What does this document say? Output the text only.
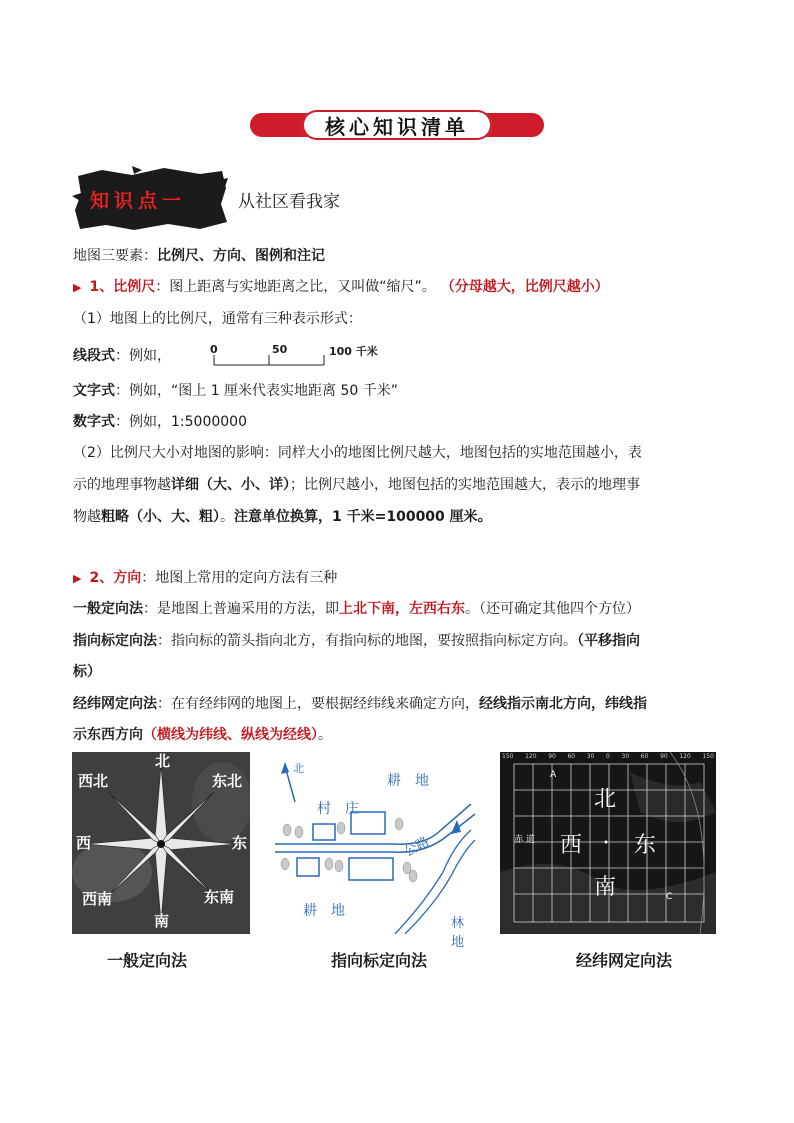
核心知识清单
知识点一	从社区看我家
地图三要素：比例尺、方向、图例和注记
▶ 1、比例尺：图上距离与实地距离之比，又叫做“缩尺”。 （分母越大，比例尺越小）
（1）地图上的比例尺，通常有三种表示形式：
线段式：例如，	0	50	100 千米
文字式：例如，“图上 1 厘米代表实地距离 50 千米”
数字式：例如，1:5000000
（2）比例尺大小对地图的影响：同样大小的地图比例尺越大，地图包括的实地范围越小，表
示的地理事物越详细（大、小、详）；比例尺越小，地图包括的实地范围越大，表示的地理事
物越粗略（小、大、粗）。注意单位换算，1 千米=100000 厘米。
▶ 2、方向：地图上常用的定向方法有三种
一般定向法：是地图上普遍采用的方法，即上北下南，左西右东。（还可确定其他四个方位）
指向标定向法：指向标的箭头指向北方，有指向标的地图，要按照指向标定方向。（平移指向
标）
经纬网定向法：在有经纬网的地图上，要根据经纬线来确定方向，经线指示南北方向，纬线指
示东西方向（横线为纬线、纵线为经线）。
北
南
东
西
东北
西北
东南
西南
北
耕　地
村　庄
公路
耕　地
林地
150 120 90 60 30 0 30 60 90 120 150
北
南
西 东
赤 道
A
C
一般定向法	指向标定向法	经纬网定向法
